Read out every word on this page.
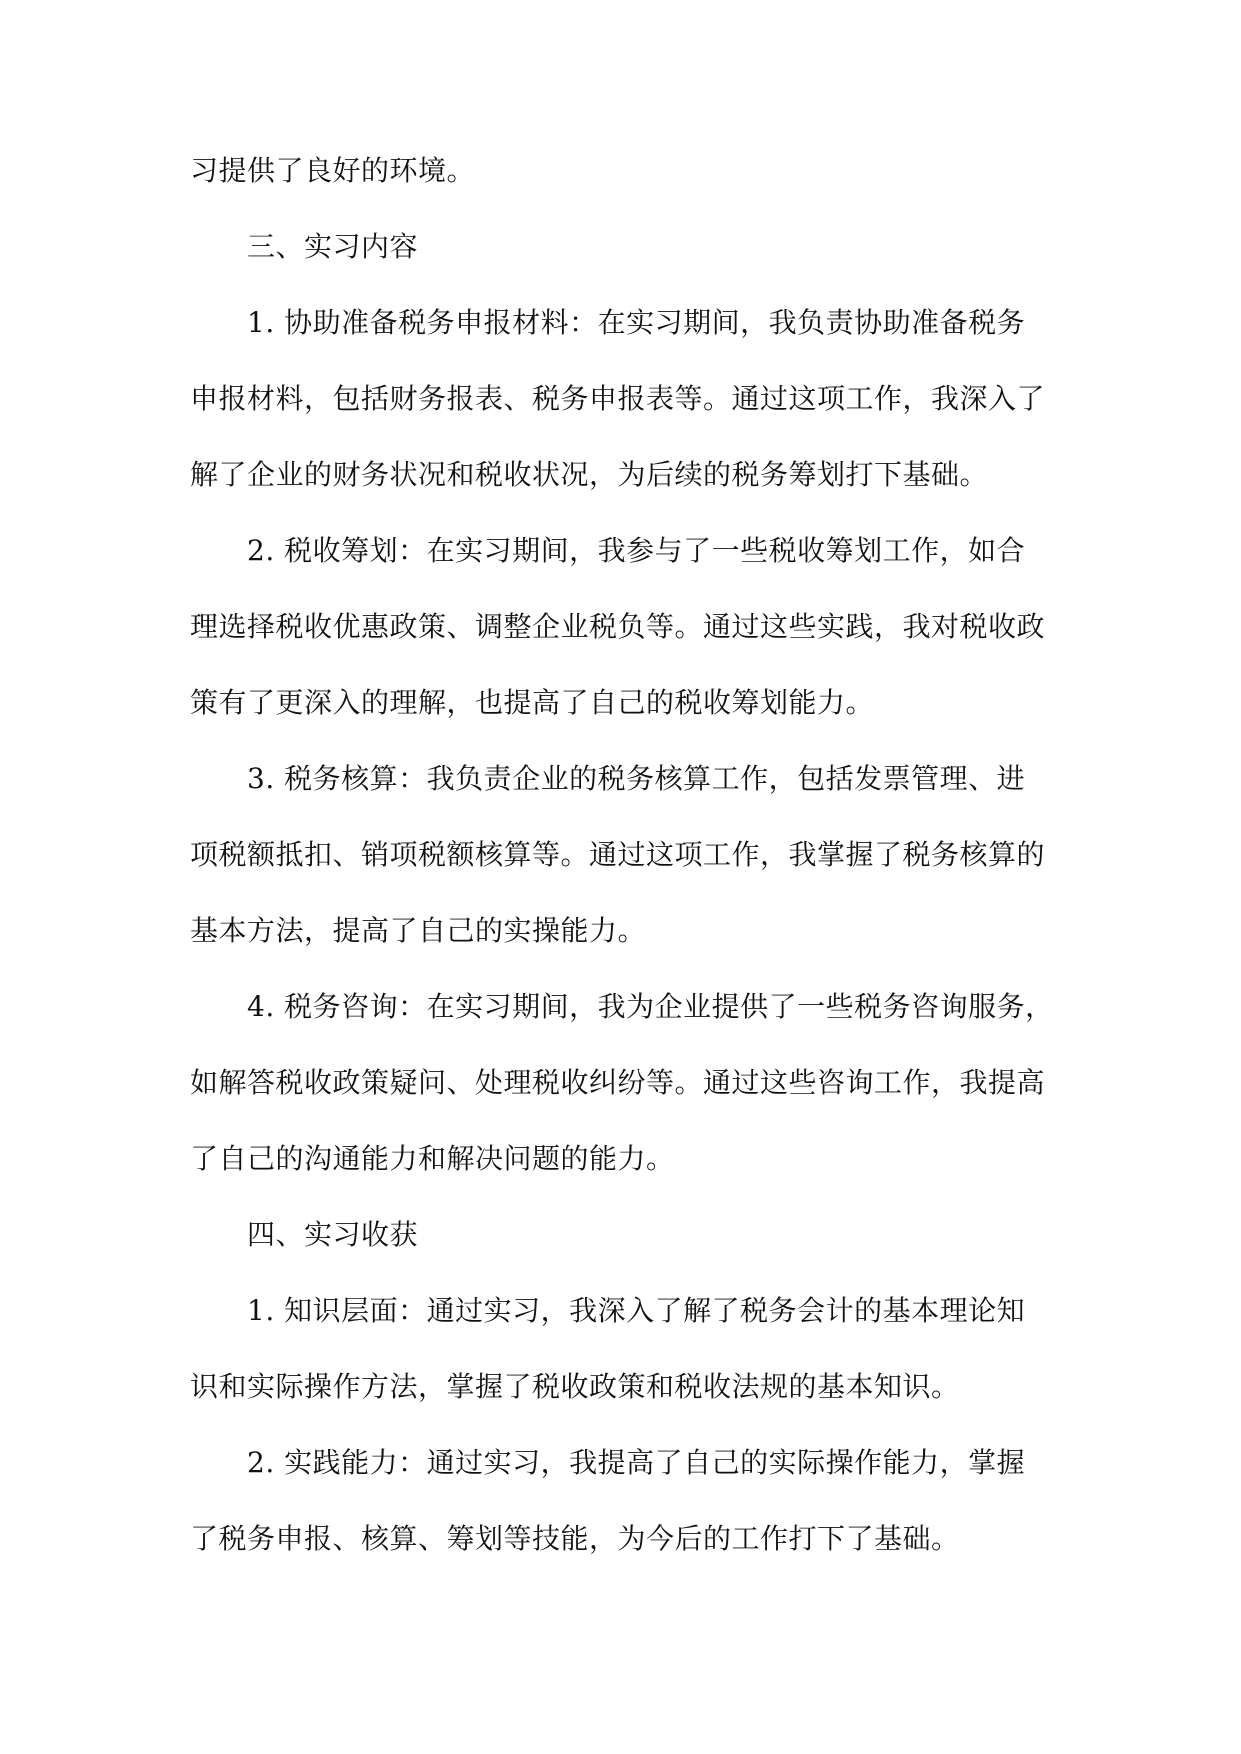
习提供了良好的环境。

三、实习内容

1. 协助准备税务申报材料：在实习期间，我负责协助准备税务

申报材料，包括财务报表、税务申报表等。通过这项工作，我深入了

解了企业的财务状况和税收状况，为后续的税务筹划打下基础。

2. 税收筹划：在实习期间，我参与了一些税收筹划工作，如合

理选择税收优惠政策、调整企业税负等。通过这些实践，我对税收政

策有了更深入的理解，也提高了自己的税收筹划能力。

3. 税务核算：我负责企业的税务核算工作，包括发票管理、进

项税额抵扣、销项税额核算等。通过这项工作，我掌握了税务核算的

基本方法，提高了自己的实操能力。

4. 税务咨询：在实习期间，我为企业提供了一些税务咨询服务，

如解答税收政策疑问、处理税收纠纷等。通过这些咨询工作，我提高

了自己的沟通能力和解决问题的能力。

四、实习收获

1. 知识层面：通过实习，我深入了解了税务会计的基本理论知

识和实际操作方法，掌握了税收政策和税收法规的基本知识。

2. 实践能力：通过实习，我提高了自己的实际操作能力，掌握

了税务申报、核算、筹划等技能，为今后的工作打下了基础。
